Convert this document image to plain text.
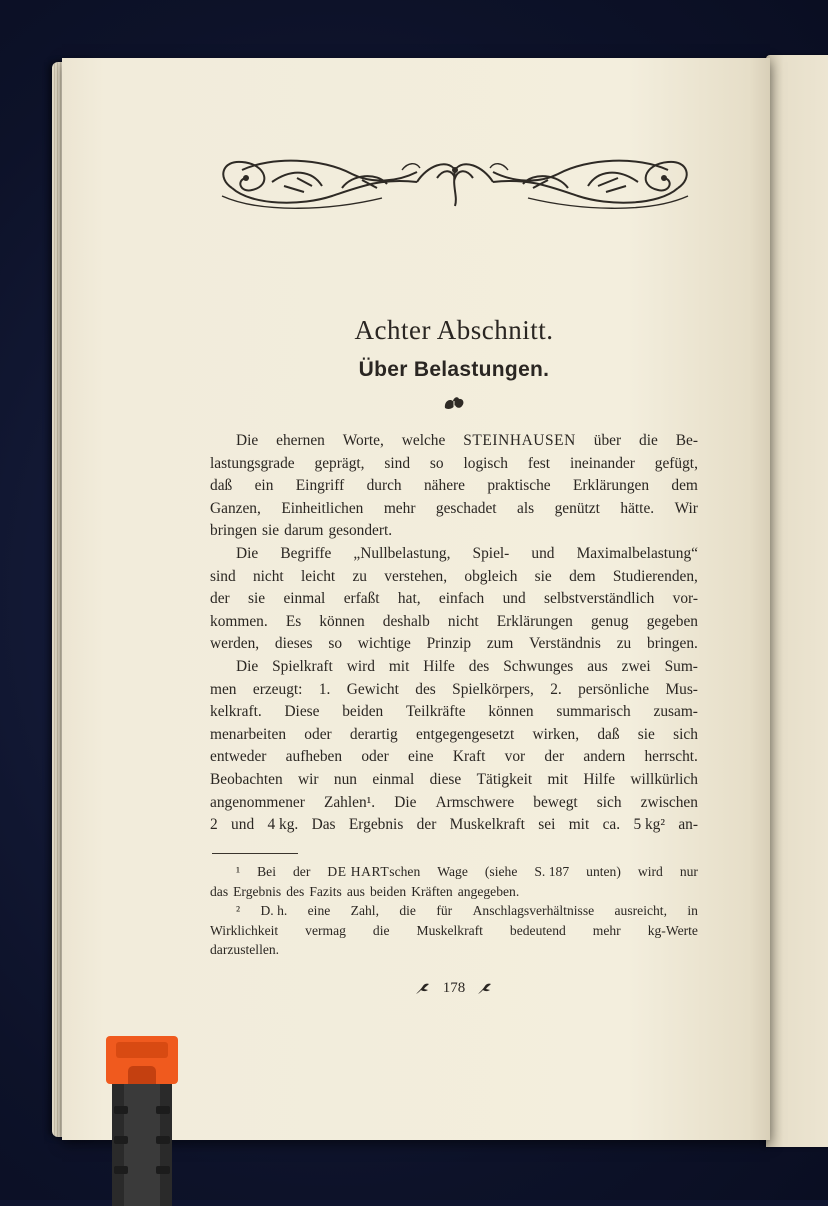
Achter Abschnitt.
Über Belastungen.
Die ehernen Worte, welche STEINHAUSEN über die Be-
lastungsgrade geprägt, sind so logisch fest ineinander gefügt,
daß ein Eingriff durch nähere praktische Erklärungen dem
Ganzen, Einheitlichen mehr geschadet als genützt hätte. Wir
bringen sie darum gesondert.
Die Begriffe „Nullbelastung, Spiel- und Maximalbelastung“
sind nicht leicht zu verstehen, obgleich sie dem Studierenden,
der sie einmal erfaßt hat, einfach und selbstverständlich vor-
kommen. Es können deshalb nicht Erklärungen genug gegeben
werden, dieses so wichtige Prinzip zum Verständnis zu bringen.
Die Spielkraft wird mit Hilfe des Schwunges aus zwei Sum-
men erzeugt: 1. Gewicht des Spielkörpers, 2. persönliche Mus-
kelkraft. Diese beiden Teilkräfte können summarisch zusam-
menarbeiten oder derartig entgegengesetzt wirken, daß sie sich
entweder aufheben oder eine Kraft vor der andern herrscht.
Beobachten wir nun einmal diese Tätigkeit mit Hilfe willkürlich
angenommener Zahlen¹. Die Armschwere bewegt sich zwischen
2 und 4 kg. Das Ergebnis der Muskelkraft sei mit ca. 5 kg² an-
¹ Bei der DE HARTschen Wage (siehe S. 187 unten) wird nur
das Ergebnis des Fazits aus beiden Kräften angegeben.
² D. h. eine Zahl, die für Anschlagsverhältnisse ausreicht, in
Wirklichkeit vermag die Muskelkraft bedeutend mehr kg-Werte
darzustellen.
178
